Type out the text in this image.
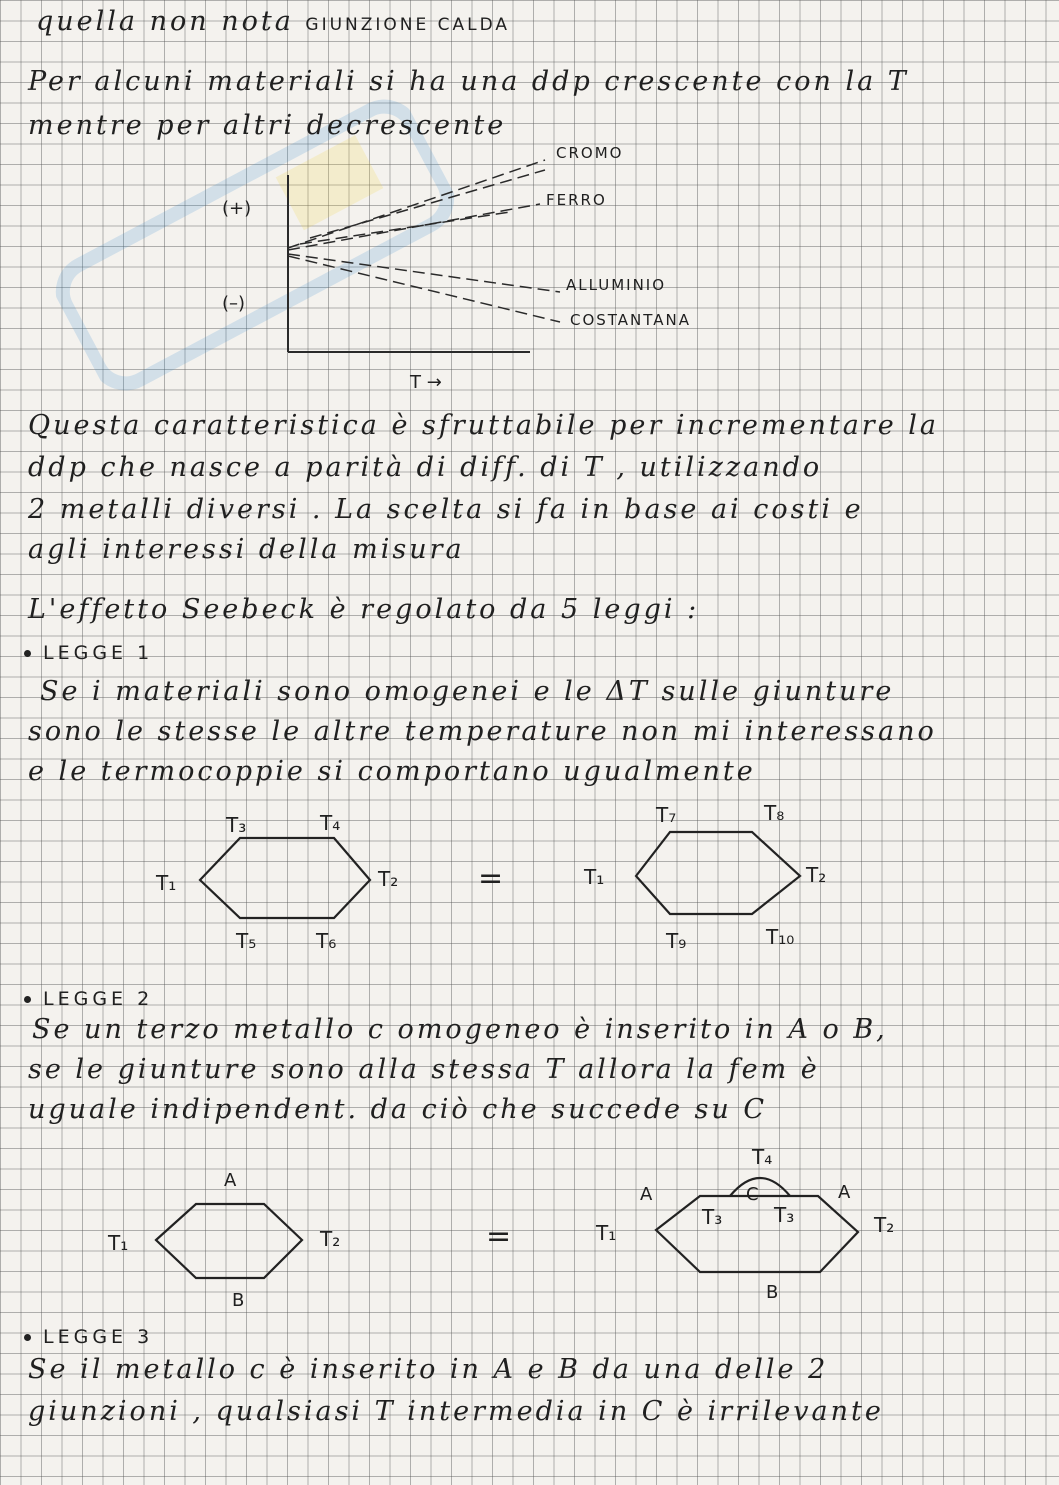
quella non nota GIUNZIONE CALDA
Per alcuni materiali si ha una ddp crescente con la T
mentre per altri decrescente
(+)
(–)
T →
CROMO
FERRO
ALLUMINIO
COSTANTANA
Questa caratteristica è sfruttabile per incrementare la
ddp che nasce a parità di diff. di T , utilizzando
2 metalli diversi . La scelta si fa in base ai costi e
agli interessi della misura
L'effetto Seebeck è regolato da 5 leggi :
LEGGE 1
Se i materiali sono omogenei e le ΔT sulle giunture
sono le stesse le altre temperature non mi interessano
e le termocoppie si comportano ugualmente
T₃	T₄
T₁	T₂
T₅	T₆
=
T₇	T₈
T₁	T₂
T₉	T₁₀
LEGGE 2
Se un terzo metallo c omogeneo è inserito in A o B,
se le giunture sono alla stessa T allora la fem è
uguale indipendent. da ciò che succede su C
A
T₁	T₂
B
=
T₄
A	A
C
T₃	T₃
T₁	T₂
B
LEGGE 3
Se il metallo c è inserito in A e B da una delle 2
giunzioni , qualsiasi T intermedia in C è irrilevante
